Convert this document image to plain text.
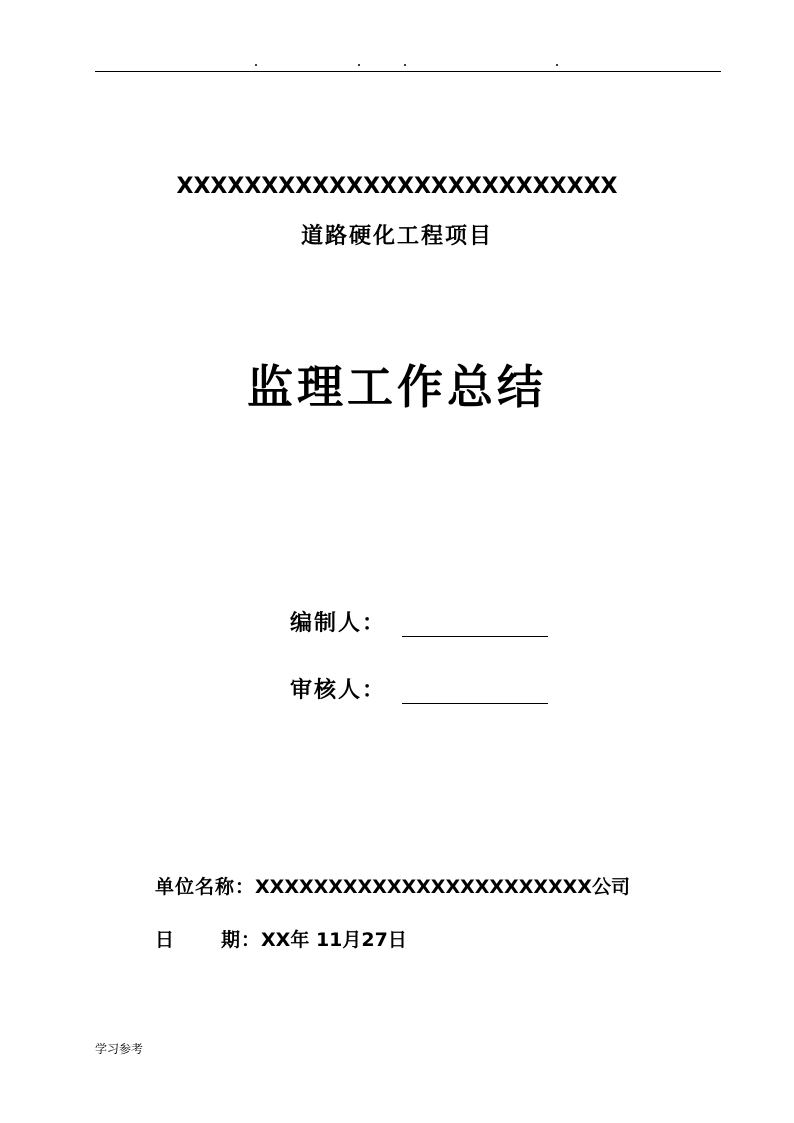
XXXXXXXXXXXXXXXXXXXXXXXXXX
道路硬化工程项目
监理工作总结
编制人：
审核人：
单位名称：XXXXXXXXXXXXXXXXXXXXXXX公司
日 期：XX年 11月27日
学习参考
